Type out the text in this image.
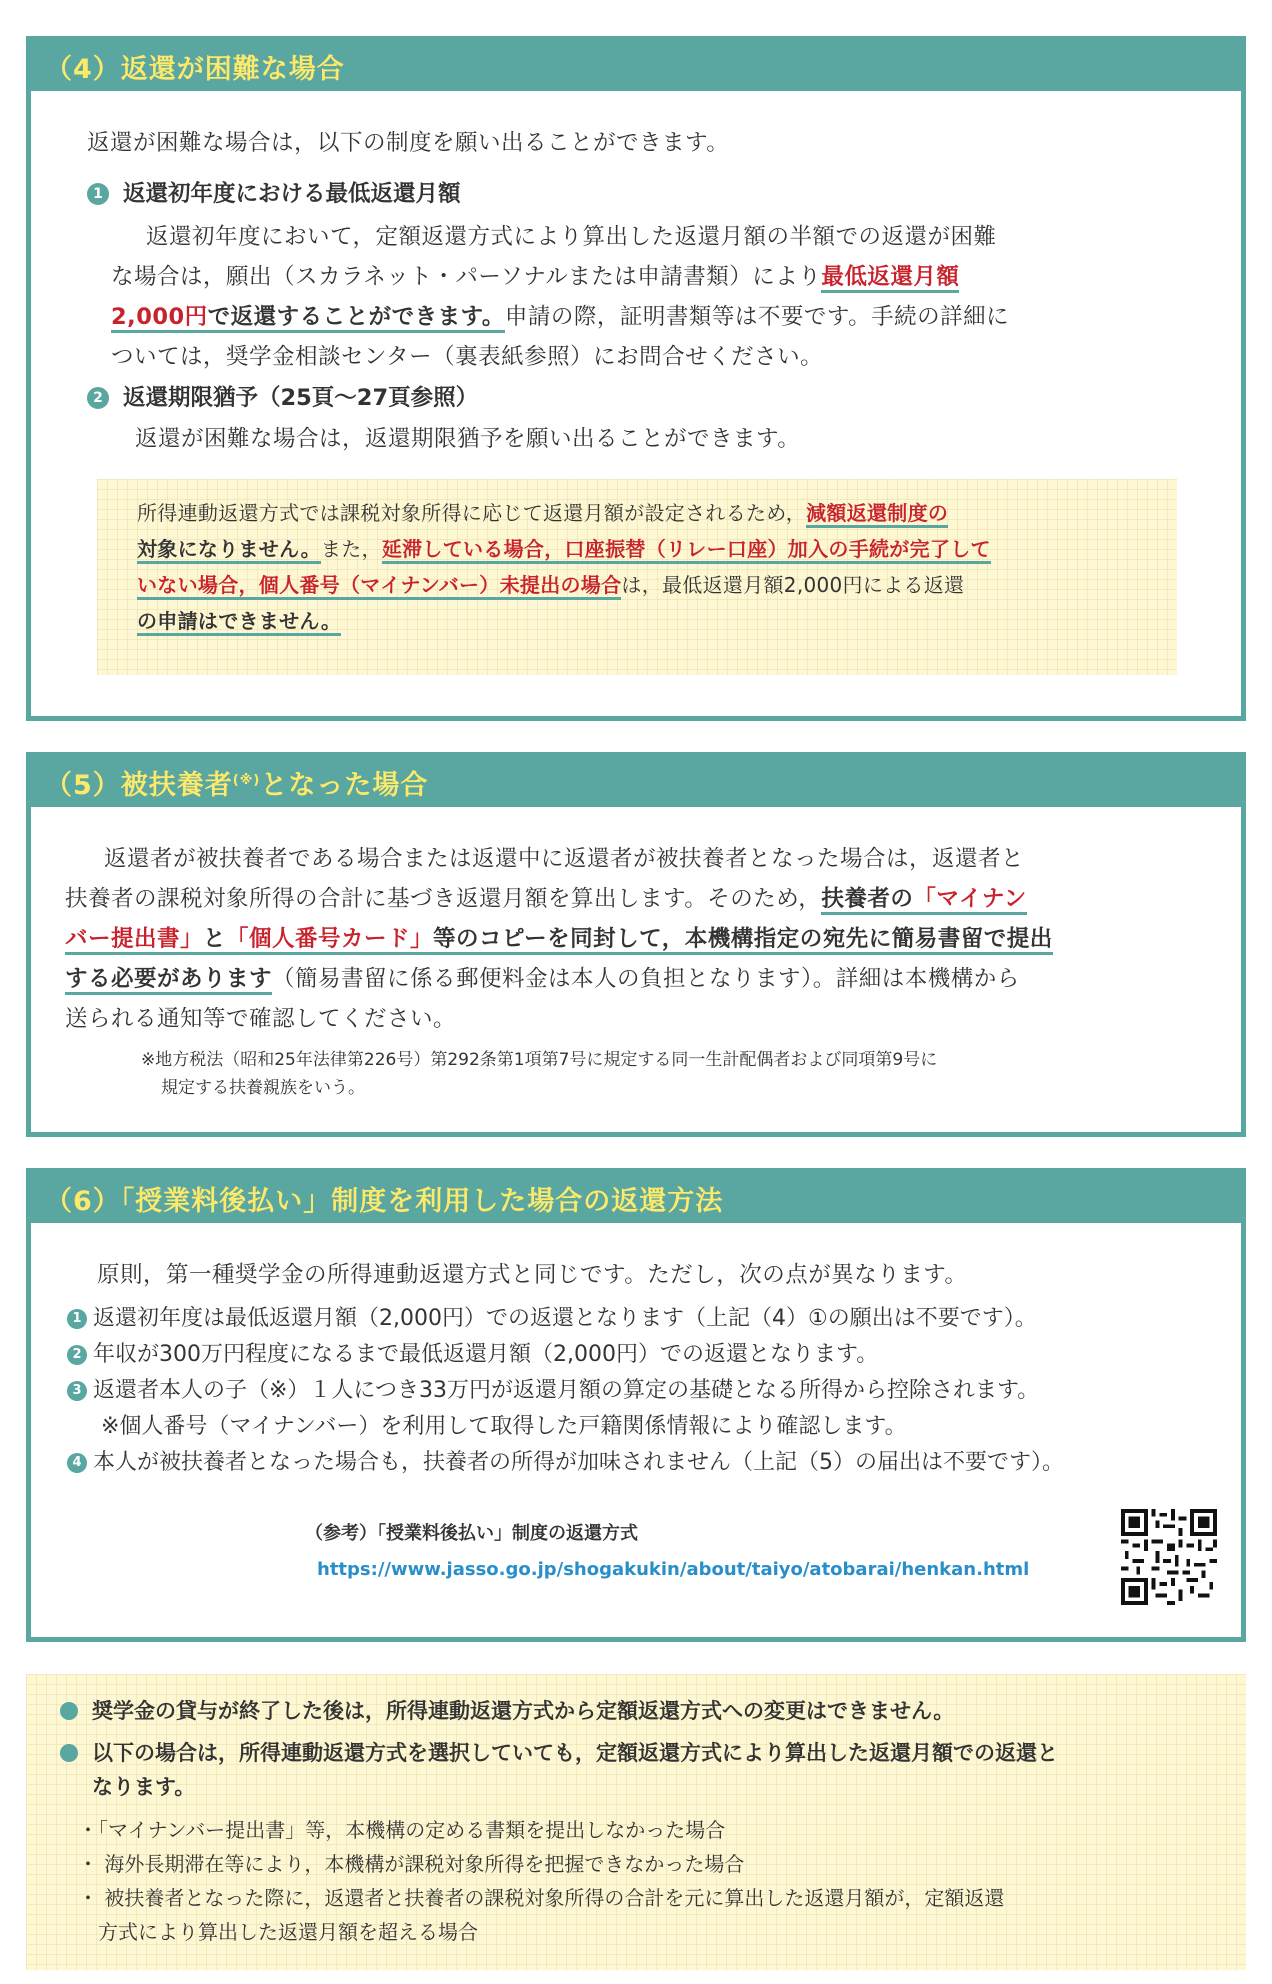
（4）返還が困難な場合
返還が困難な場合は，以下の制度を願い出ることができます。
1 返還初年度における最低返還月額
返還初年度において，定額返還方式により算出した返還月額の半額での返還が困難
な場合は，願出（スカラネット・パーソナルまたは申請書類）により最低返還月額
2,000円で返還することができます。申請の際，証明書類等は不要です。手続の詳細に
ついては，奨学金相談センター（裏表紙参照）にお問合せください。
2 返還期限猶予（25頁〜27頁参照）
返還が困難な場合は，返還期限猶予を願い出ることができます。
所得連動返還方式では課税対象所得に応じて返還月額が設定されるため，減額返還制度の
対象になりません。また，延滞している場合，口座振替（リレー口座）加入の手続が完了して
いない場合，個人番号（マイナンバー）未提出の場合は，最低返還月額2,000円による返還
の申請はできません。
（5）被扶養者(※) となった場合
返還者が被扶養者である場合または返還中に返還者が被扶養者となった場合は，返還者と
扶養者の課税対象所得の合計に基づき返還月額を算出します。そのため，扶養者の「マイナン
バー提出書」と「個人番号カード」等のコピーを同封して，本機構指定の宛先に簡易書留で提出
する必要があります（簡易書留に係る郵便料金は本人の負担となります）。詳細は本機構から
送られる通知等で確認してください。
※地方税法（昭和25年法律第226号）第292条第1項第7号に規定する同一生計配偶者および同項第9号に
規定する扶養親族をいう。
（6）「授業料後払い」制度を利用した場合の返還方法
原則，第一種奨学金の所得連動返還方式と同じです。ただし，次の点が異なります。
1 返還初年度は最低返還月額（2,000円）での返還となります（上記（4）①の願出は不要です）。
2 年収が300万円程度になるまで最低返還月額（2,000円）での返還となります。
3 返還者本人の子（※）１人につき33万円が返還月額の算定の基礎となる所得から控除されます。
※個人番号（マイナンバー）を利用して取得した戸籍関係情報により確認します。
4 本人が被扶養者となった場合も，扶養者の所得が加味されません（上記（5）の届出は不要です）。
（参考）「授業料後払い」制度の返還方式
https://www.jasso.go.jp/shogakukin/about/taiyo/atobarai/henkan.html
奨学金の貸与が終了した後は，所得連動返還方式から定額返還方式への変更はできません。
以下の場合は，所得連動返還方式を選択していても，定額返還方式により算出した返還月額での返還と
なります。
・「マイナンバー提出書」等，本機構の定める書類を提出しなかった場合
・ 海外長期滞在等により，本機構が課税対象所得を把握できなかった場合
・ 被扶養者となった際に，返還者と扶養者の課税対象所得の合計を元に算出した返還月額が，定額返還
　方式により算出した返還月額を超える場合
